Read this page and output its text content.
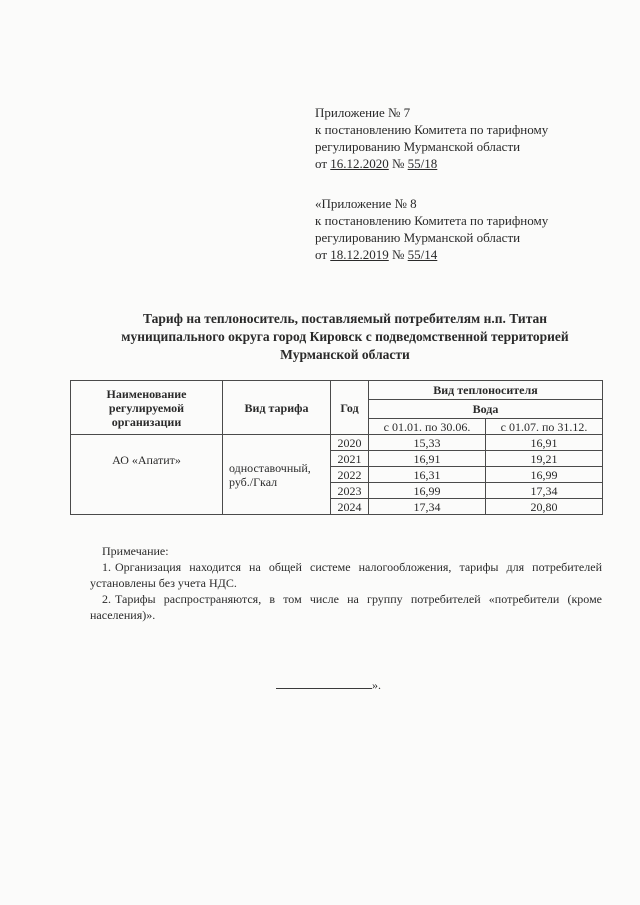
Приложение № 7
к постановлению Комитета по тарифному
регулированию Мурманской области
от 16.12.2020 № 55/18
«Приложение № 8
к постановлению Комитета по тарифному
регулированию Мурманской области
от 18.12.2019 № 55/14
Тариф на теплоноситель, поставляемый потребителям н.п. Титан
муниципального округа город Кировск с подведомственной территорией
Мурманской области
Наименование регулируемой организации	Вид тарифа	Год	Вид теплоносителя	
			Вода	
			с 01.01. по 30.06.	с 01.07. по 31.12.
АО «Апатит»	одноставочный, руб./Гкал	2020	15,33	16,91
		2021	16,91	19,21
		2022	16,31	16,99
		2023	16,99	17,34
		2024	17,34	20,80
Примечание:

1. Организация находится на общей системе налогообложения, тарифы для потребителей установлены без учета НДС.

2. Тарифы распространяются, в том числе на группу потребителей «потребители (кроме населения)».

».
